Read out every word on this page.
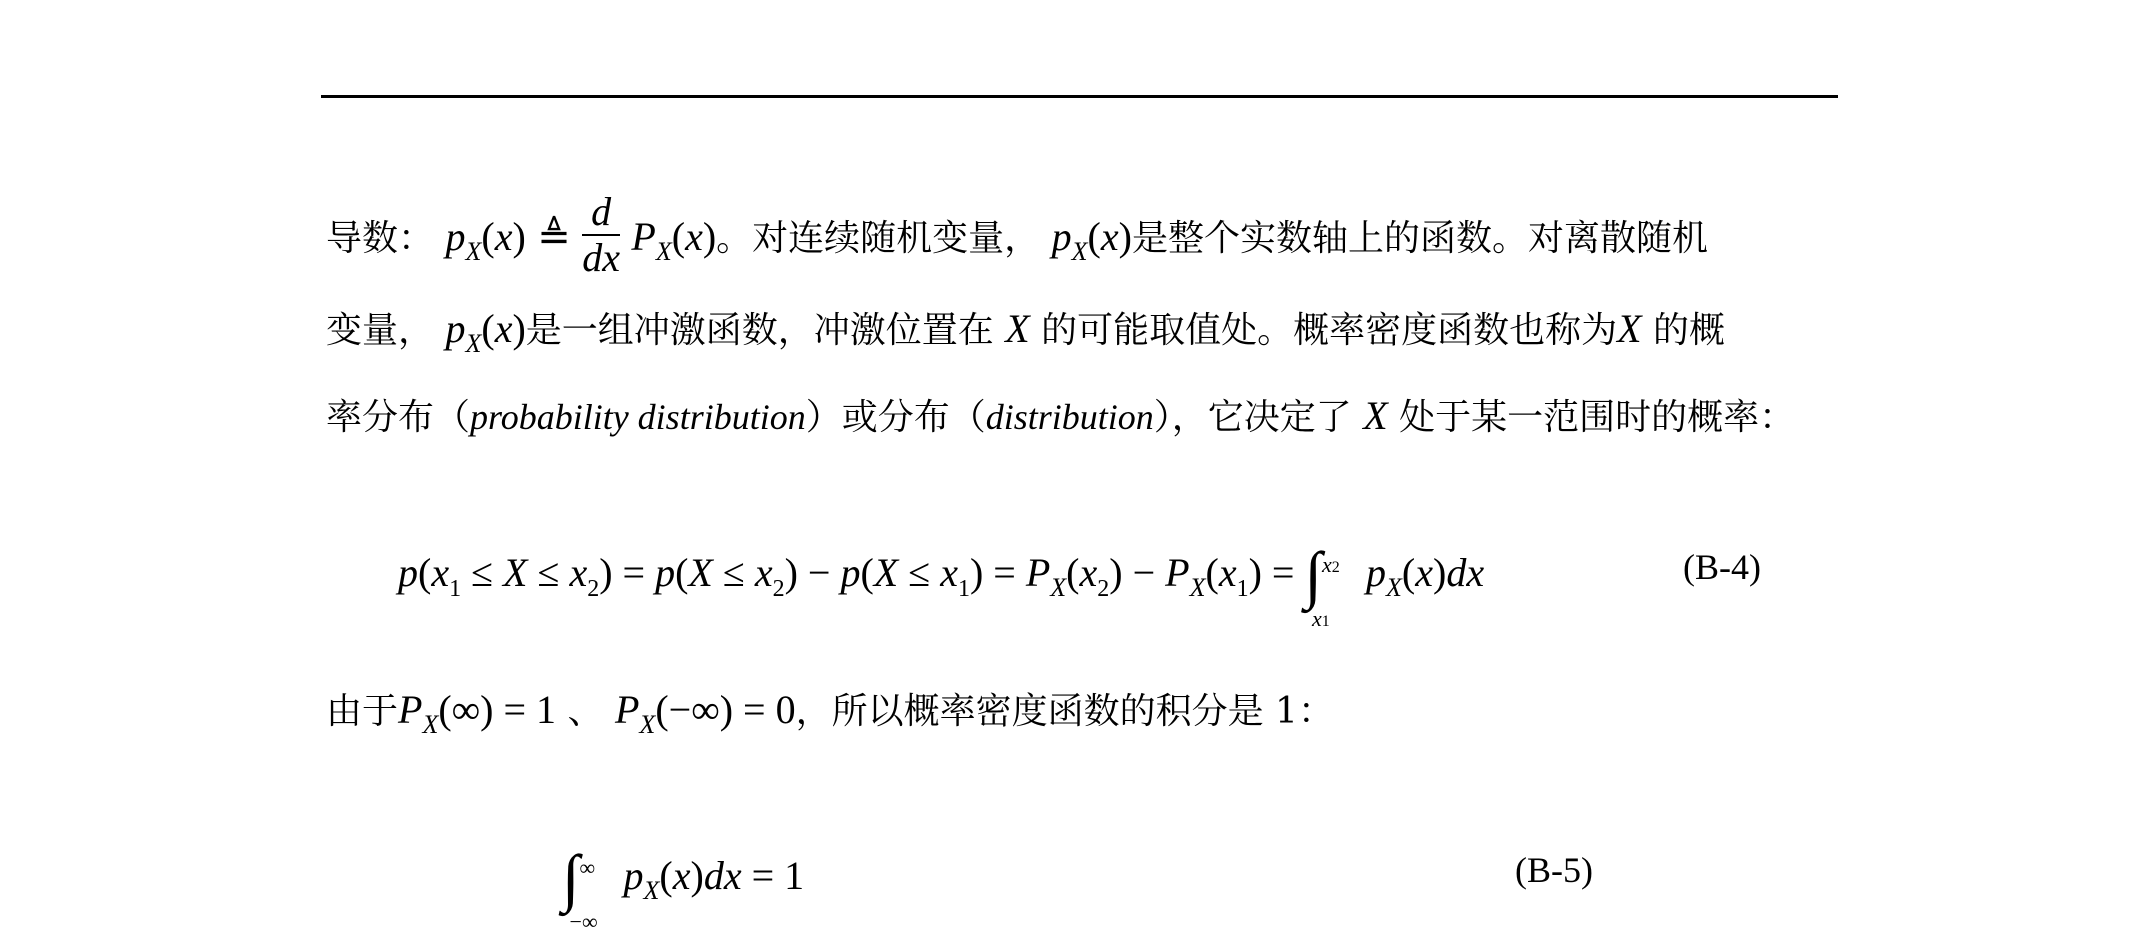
导数： $p_X(x)$ ≜ $\frac{d}{dx} P_X(x)$。对连续随机变量， $p_X(x)$是整个实数轴上的函数。对离散随机
变量， $p_X(x)$是一组冲激函数，冲激位置在 X 的可能取值处。概率密度函数也称为X 的概
率分布（probability distribution）或分布（distribution），它决定了 X 处于某一范围时的概率：
$p(x_1 \le X \le x_2) = p(X \le x_2) - p(X \le x_1) = P_X(x_2) - P_X(x_1)$ = ∫ x2
x1
$p_X(x)dx$	(B-4)
由于$P_X(\infty) = 1$ 、 $P_X(-\infty) = 0$，所以概率密度函数的积分是 1：
∫ ∞
−∞
$p_X(x)dx = 1$	(B-5)
